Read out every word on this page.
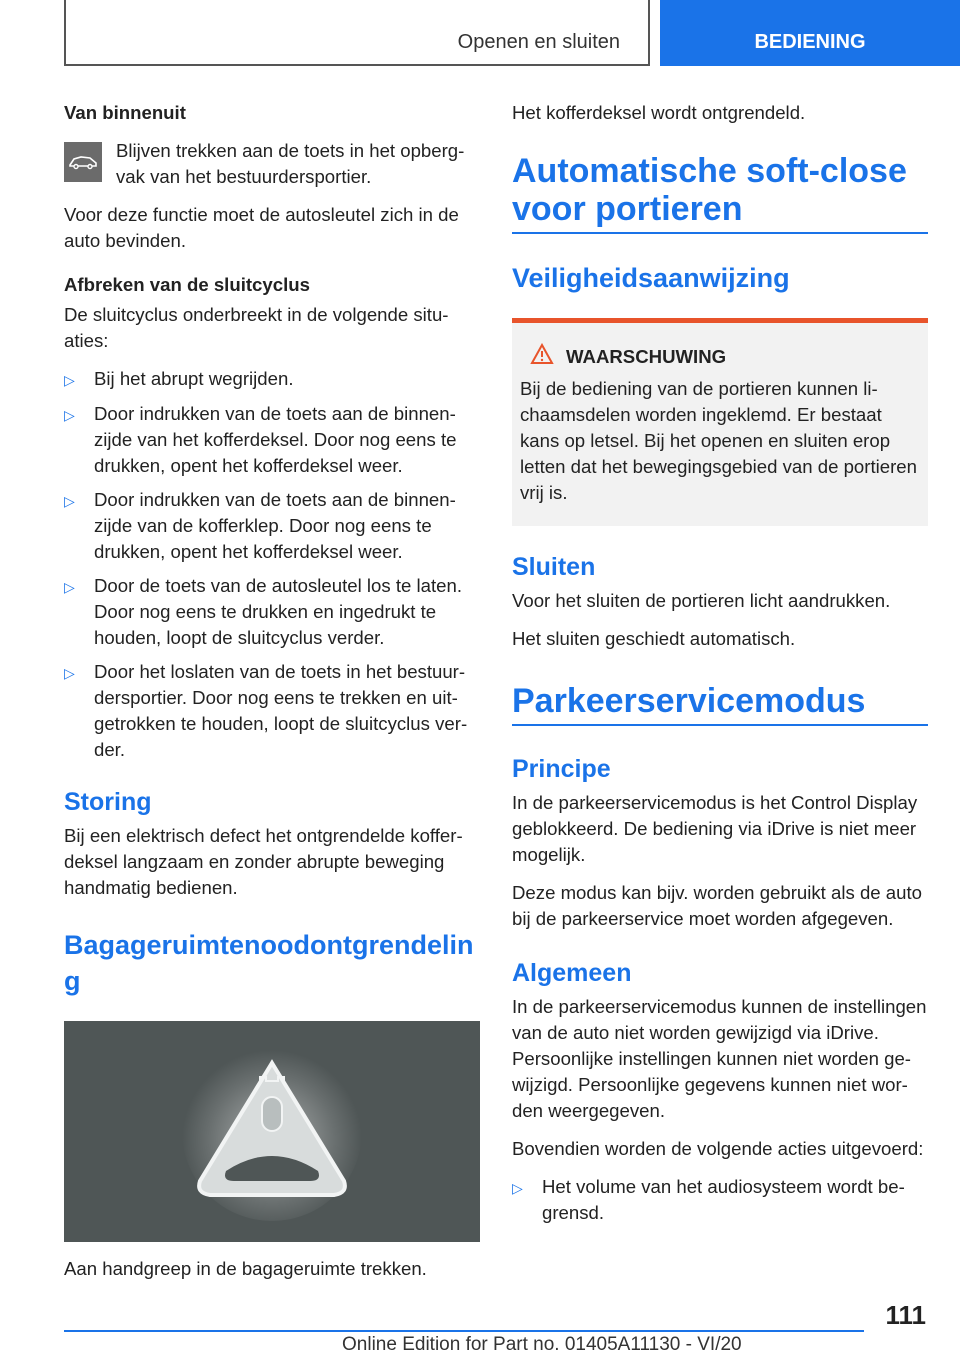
Openen en sluiten	BEDIENING

Van binnenuit

Blijven trekken aan de toets in het opbergvak van het bestuurdersportier.

Voor deze functie moet de autosleutel zich in de auto bevinden.

Afbreken van de sluitcyclus

De sluitcyclus onderbreekt in de volgende situaties:

▷	Bij het abrupt wegrijden.
▷	Door indrukken van de toets aan de binnenzijde van het kofferdeksel. Door nog eens te drukken, opent het kofferdeksel weer.
▷	Door indrukken van de toets aan de binnenzijde van de kofferklep. Door nog eens te drukken, opent het kofferdeksel weer.
▷	Door de toets van de autosleutel los te laten. Door nog eens te drukken en ingedrukt te houden, loopt de sluitcyclus verder.
▷	Door het loslaten van de toets in het bestuurdersportier. Door nog eens te trekken en uitgetrokken te houden, loopt de sluitcyclus verder.
Storing

Bij een elektrisch defect het ontgrendelde kofferdeksel langzaam en zonder abrupte beweging handmatig bedienen.

Bagageruimtenoodontgrendelin g

Aan handgreep in de bagageruimte trekken.

Het kofferdeksel wordt ontgrendeld.

Automatische soft-close voor portieren
Veiligheidsaanwijzing
WAARSCHUWING

Bij de bediening van de portieren kunnen lichaamsdelen worden ingeklemd. Er bestaat kans op letsel. Bij het openen en sluiten erop letten dat het bewegingsgebied van de portieren vrij is.

Sluiten

Voor het sluiten de portieren licht aandrukken.

Het sluiten geschiedt automatisch.

Parkeerservicemodus
Principe

In de parkeerservicemodus is het Control Display geblokkeerd. De bediening via iDrive is niet meer mogelijk.

Deze modus kan bijv. worden gebruikt als de auto bij de parkeerservice moet worden afgegeven.

Algemeen

In de parkeerservicemodus kunnen de instellingen van de auto niet worden gewijzigd via iDrive. Persoonlijke instellingen kunnen niet worden gewijzigd. Persoonlijke gegevens kunnen niet worden weergegeven.

Bovendien worden de volgende acties uitgevoerd:

▷	Het volume van het audiosysteem wordt begrensd.
111
Online Edition for Part no. 01405A11130 - VI/20
